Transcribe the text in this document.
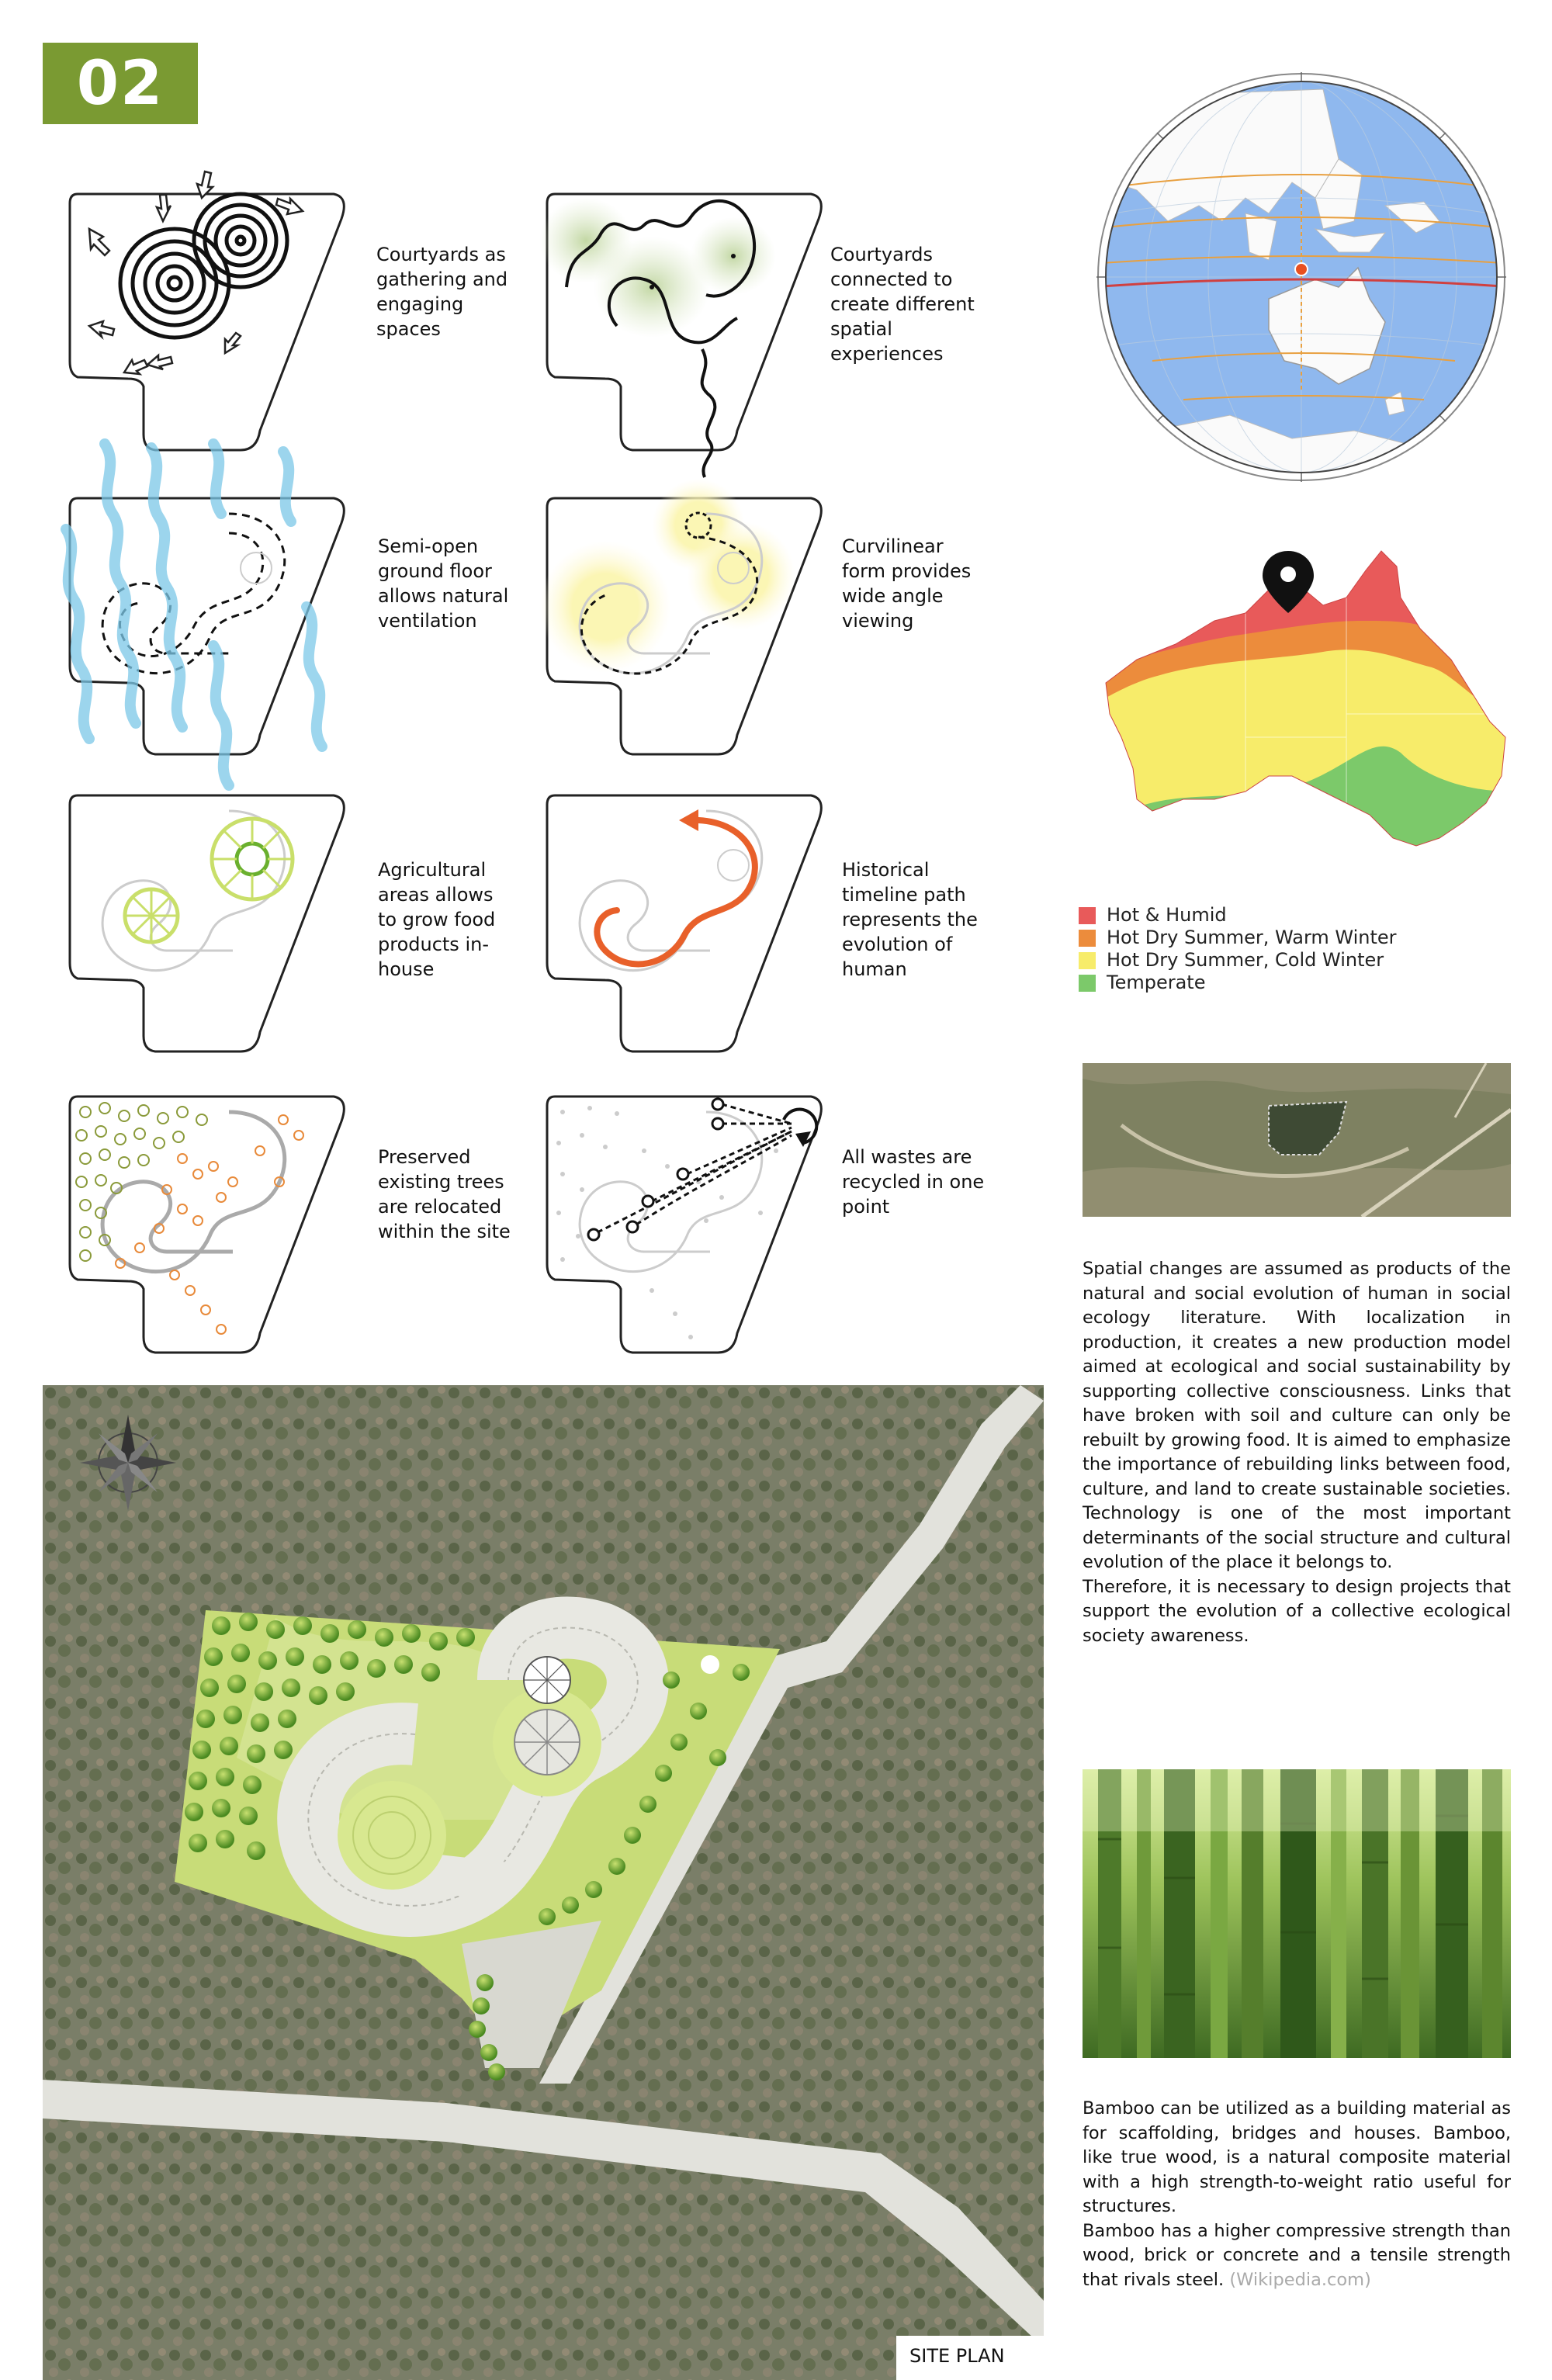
02
Courtyards as gathering and engaging spaces
Courtyards connected to create different spatial experiences
Semi-open ground floor allows natural ventilation
Curvilinear form provides wide angle viewing
Agricultural areas allows to grow food products in-house
Historical timeline path represents the evolution of human
Preserved existing trees are relocated within the site
All wastes are recycled in one point
Hot & Humid
Hot Dry Summer, Warm Winter
Hot Dry Summer, Cold Winter
Temperate

Spatial changes are assumed as products of the natural and social evolution of human in social ecology literature. With localization in production, it creates a new production model aimed at ecological and social sustainability by supporting collective consciousness. Links that have broken with soil and culture can only be rebuilt by growing food. It is aimed to emphasize the importance of rebuilding links between food, culture, and land to create sustainable societies. Technology is one of the most important determinants of the social structure and cultural evolution of the place it belongs to.

Therefore, it is necessary to design projects that support the evolution of a collective ecological society awareness.

Bamboo can be utilized as a building material as for scaffolding, bridges and houses. Bamboo, like true wood, is a natural composite material with a high strength-to-weight ratio useful for structures.

Bamboo has a higher compressive strength than wood, brick or concrete and a tensile strength that rivals steel. (Wikipedia.com)

SITE PLAN
